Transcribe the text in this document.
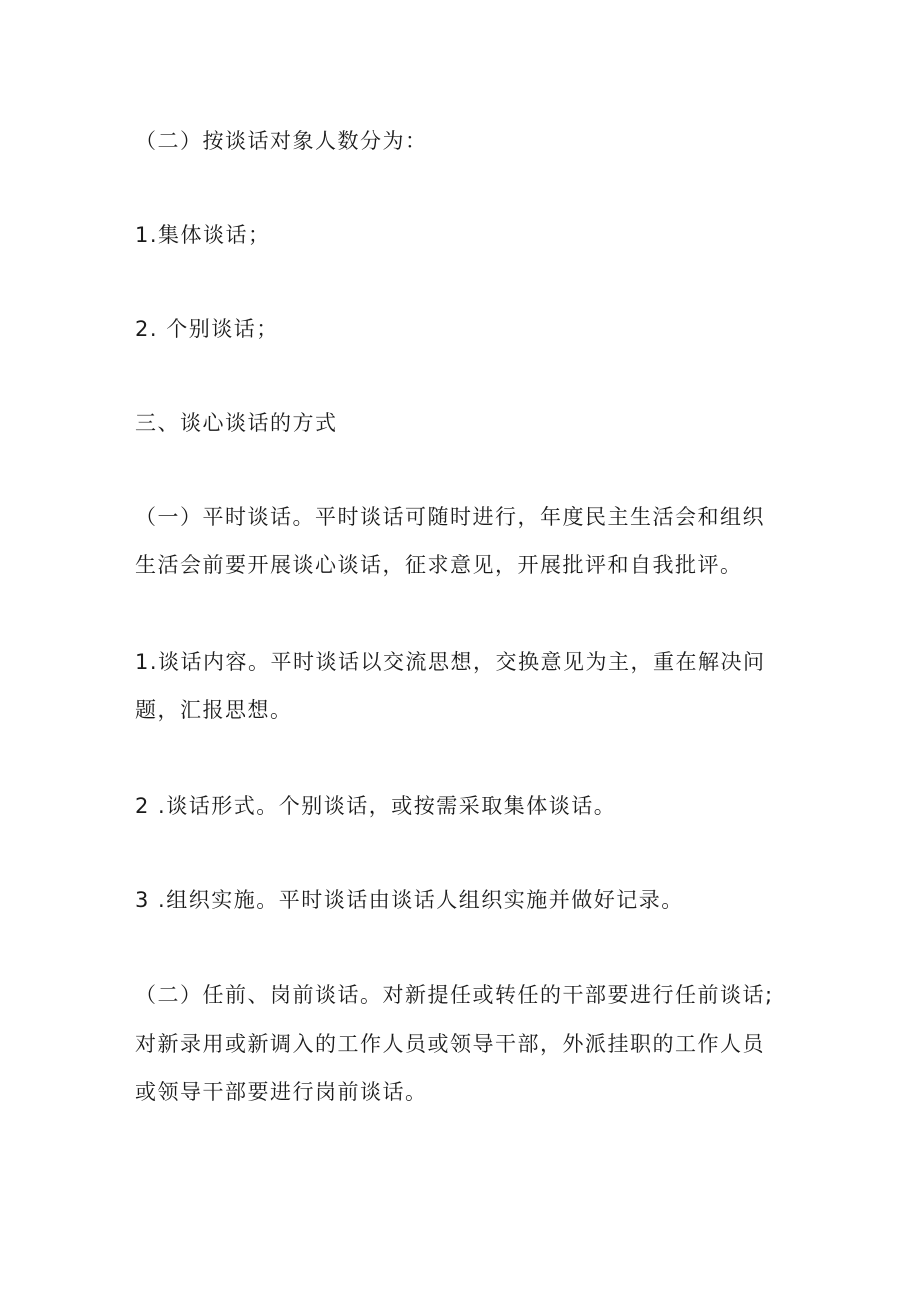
（二）按谈话对象人数分为：
1.集体谈话；
2. 个别谈话；
三、谈心谈话的方式
（一）平时谈话。平时谈话可随时进行，年度民主生活会和组织
生活会前要开展谈心谈话，征求意见，开展批评和自我批评。
1.谈话内容。平时谈话以交流思想，交换意见为主，重在解决问
题，汇报思想。
2 .谈话形式。个别谈话，或按需采取集体谈话。
3 .组织实施。平时谈话由谈话人组织实施并做好记录。
（二）任前、岗前谈话。对新提任或转任的干部要进行任前谈话;
对新录用或新调入的工作人员或领导干部，外派挂职的工作人员
或领导干部要进行岗前谈话。
